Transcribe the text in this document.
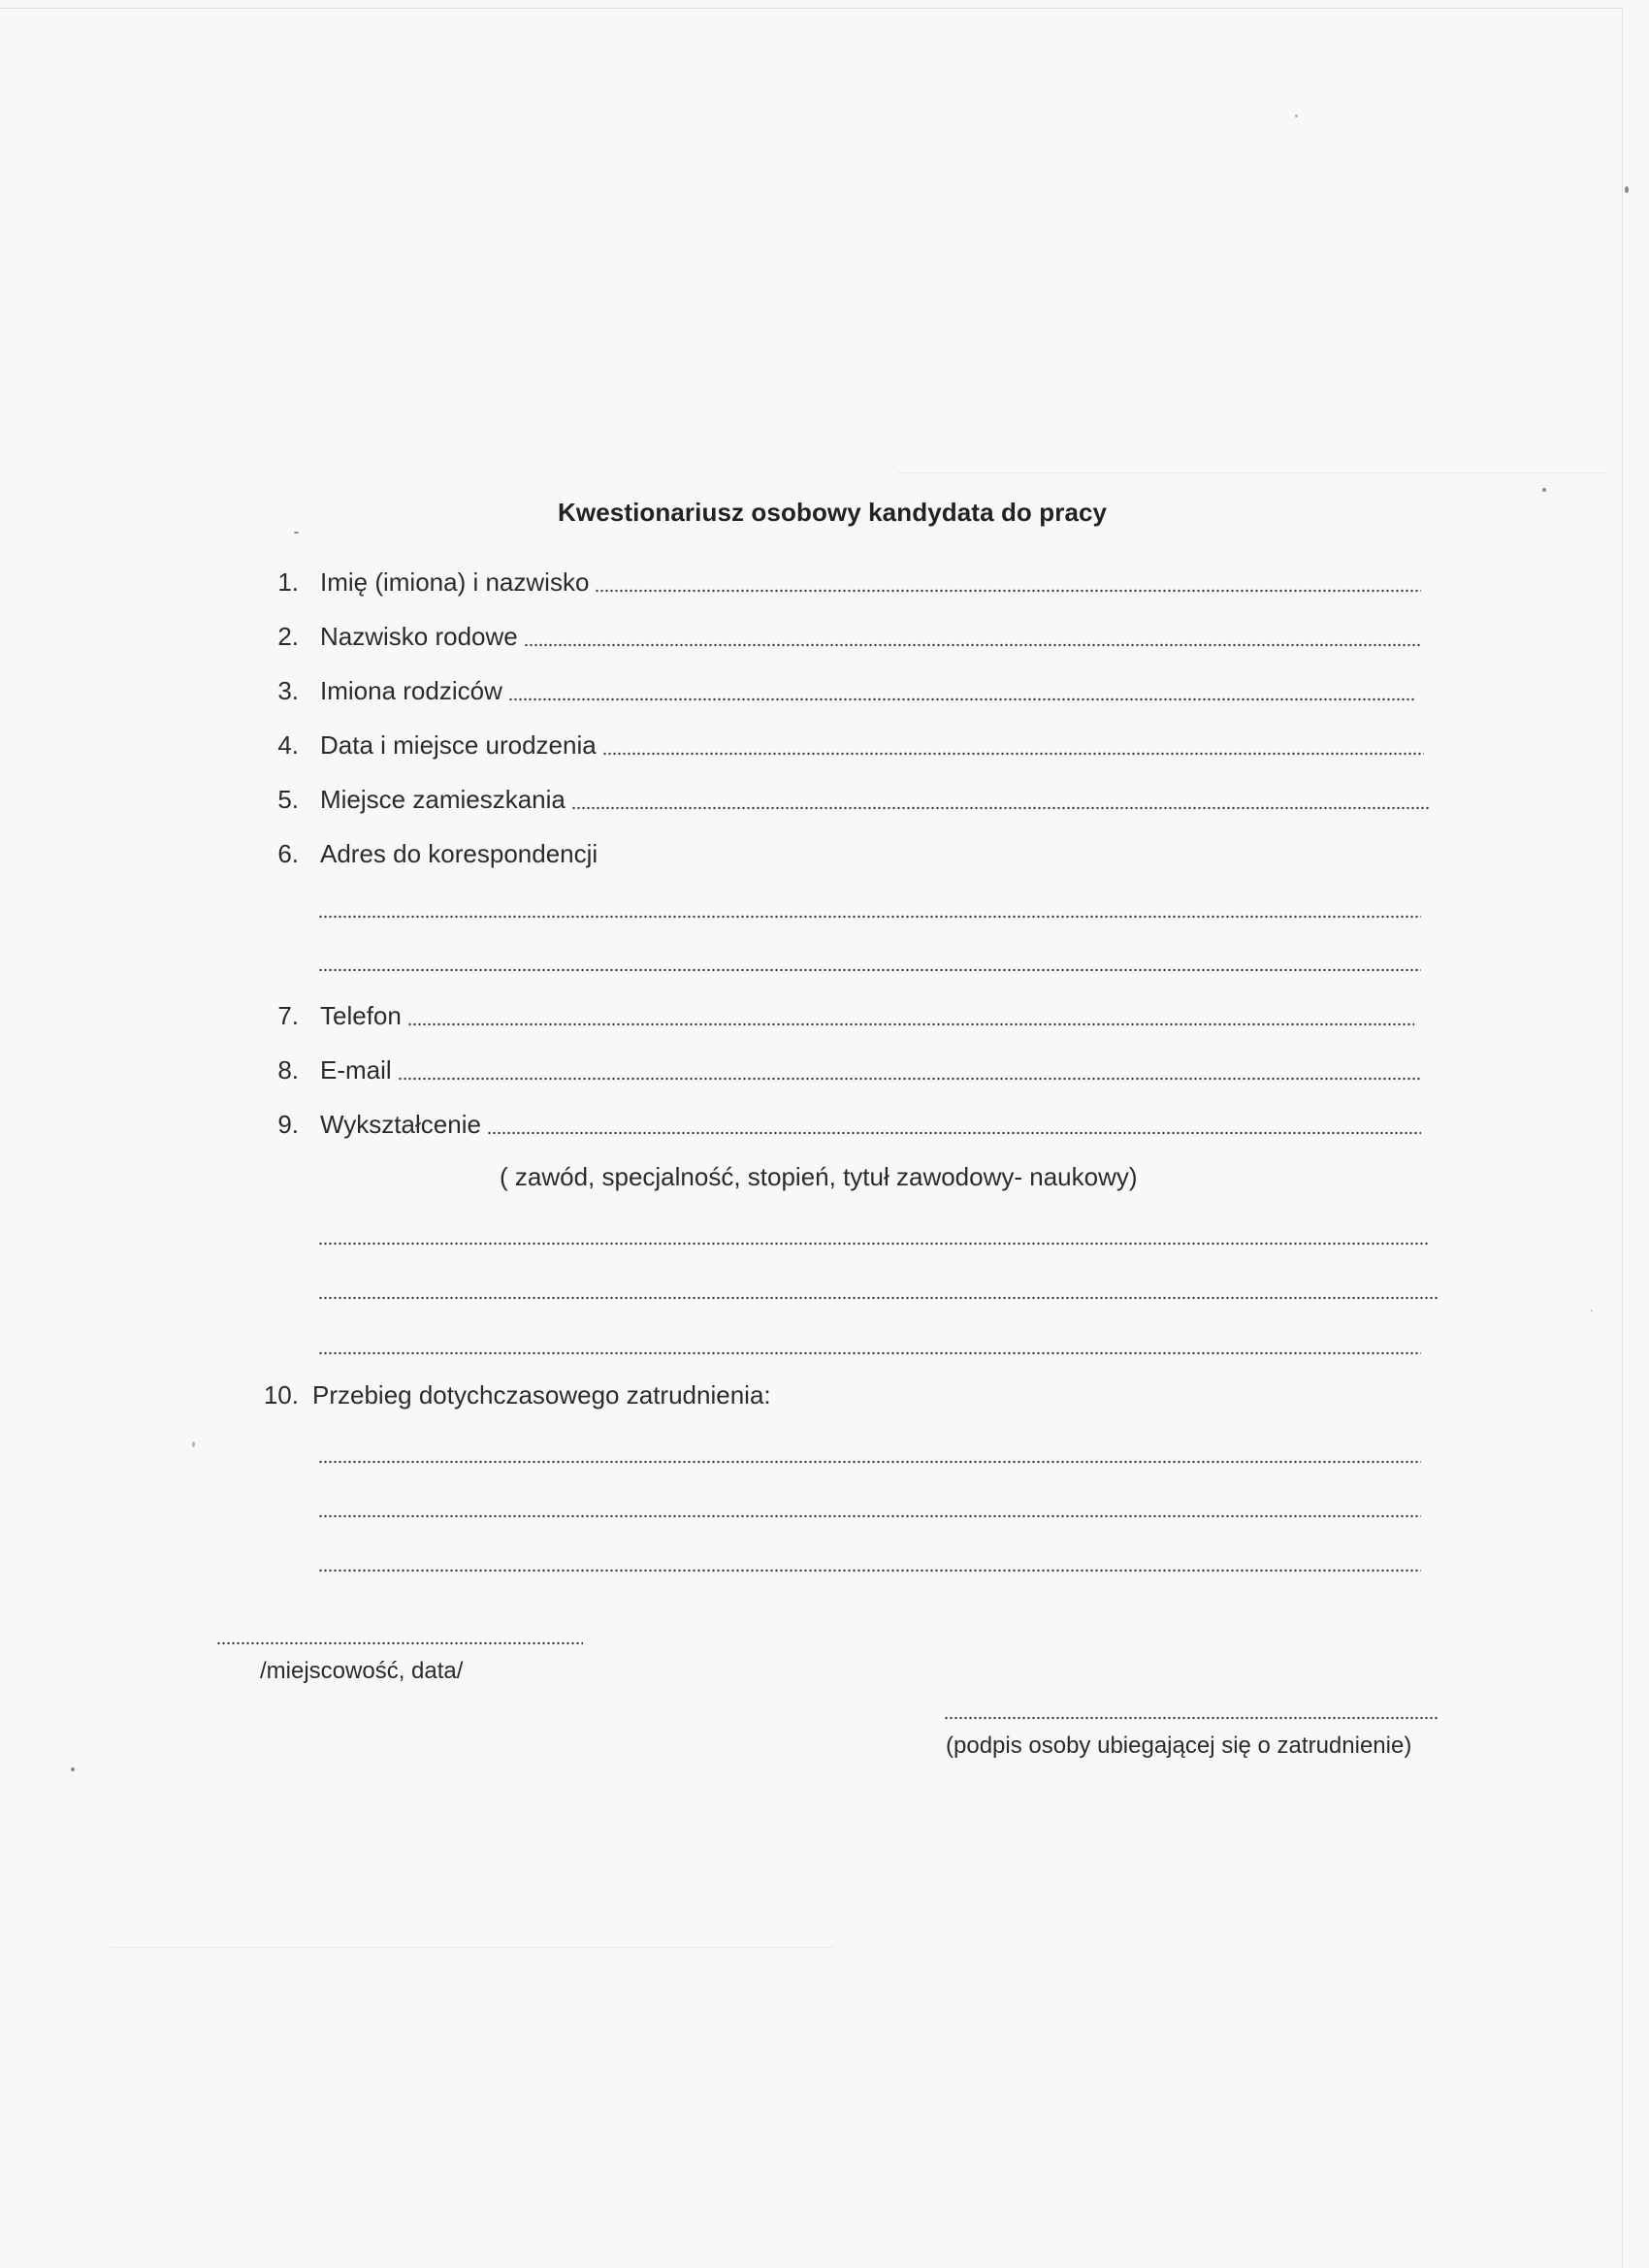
Kwestionariusz osobowy kandydata do pracy
1. Imię (imiona) i nazwisko
2. Nazwisko rodowe
3. Imiona rodziców
4. Data i miejsce urodzenia
5. Miejsce zamieszkania
6. Adres do korespondencji
7. Telefon
8. E-mail
9. Wykształcenie
( zawód, specjalność, stopień, tytuł zawodowy- naukowy)
10. Przebieg dotychczasowego zatrudnienia:
/miejscowość, data/
(podpis osoby ubiegającej się o zatrudnienie)
